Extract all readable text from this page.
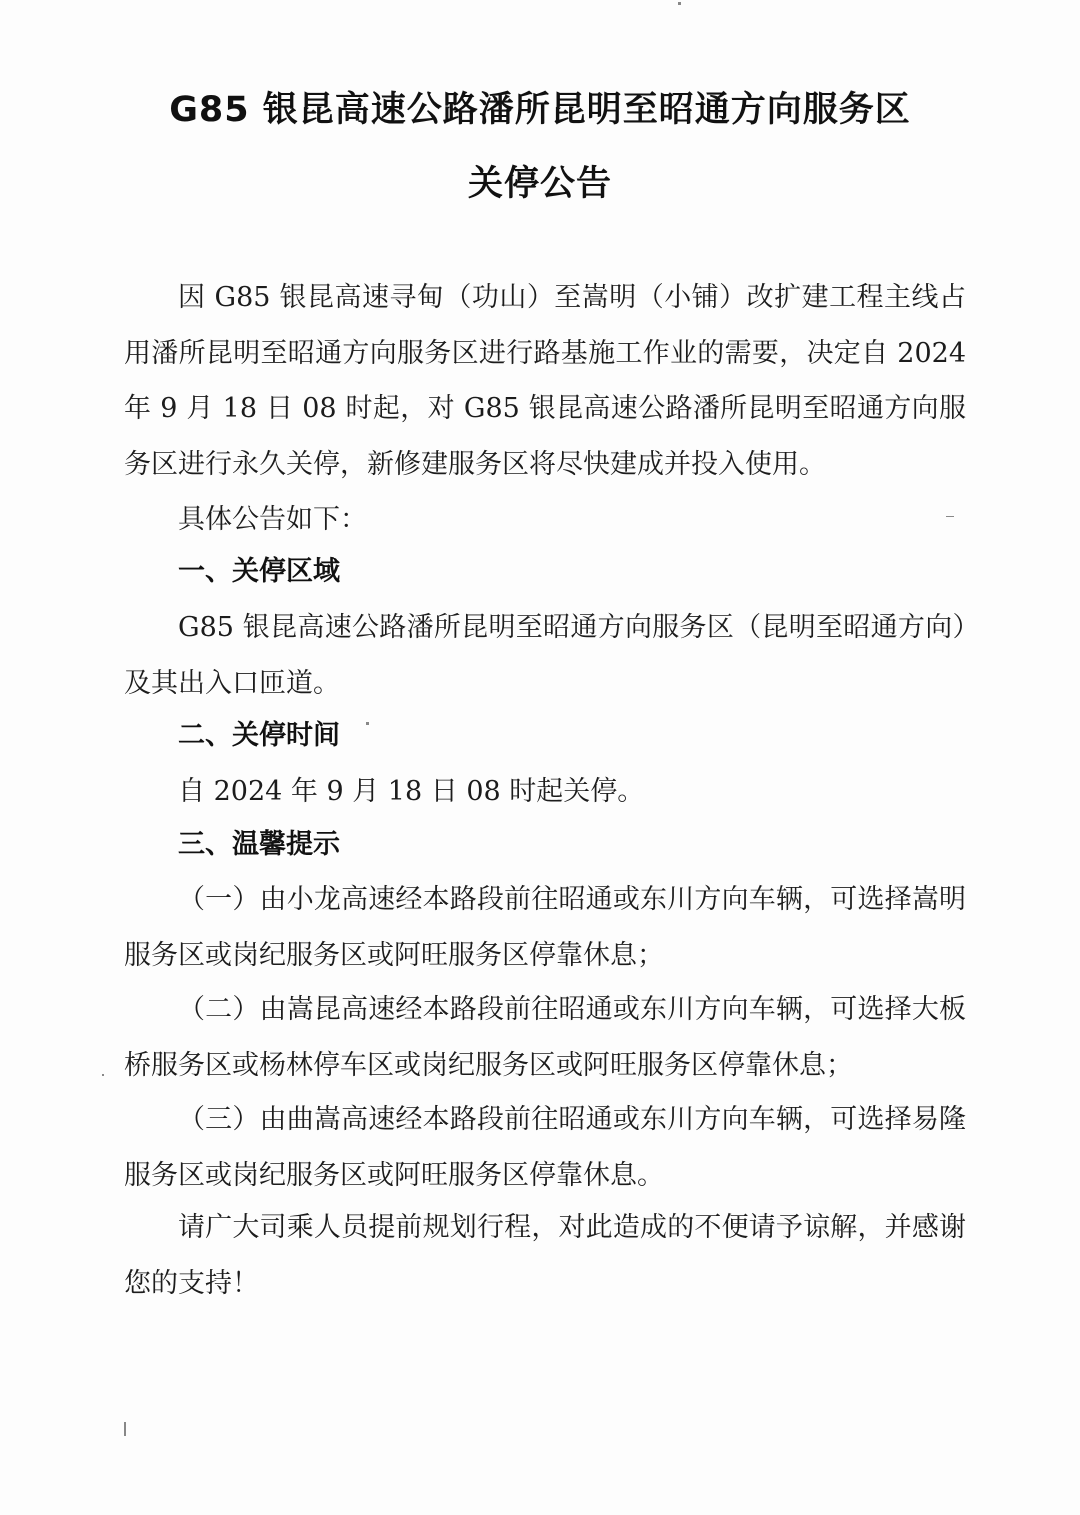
G85 银昆高速公路潘所昆明至昭通方向服务区
关停公告

因 G85 银昆高速寻甸（功山）至嵩明（小铺）改扩建工程主线占用潘所昆明至昭通方向服务区进行路基施工作业的需要，决定自 2024 年 9 月 18 日 08 时起，对 G85 银昆高速公路潘所昆明至昭通方向服务区进行永久关停，新修建服务区将尽快建成并投入使用。

具体公告如下：

一、关停区域

G85 银昆高速公路潘所昆明至昭通方向服务区（昆明至昭通方向）及其出入口匝道。

二、关停时间

自 2024 年 9 月 18 日 08 时起关停。

三、温馨提示

（一）由小龙高速经本路段前往昭通或东川方向车辆，可选择嵩明服务区或岗纪服务区或阿旺服务区停靠休息；

（二）由嵩昆高速经本路段前往昭通或东川方向车辆，可选择大板桥服务区或杨林停车区或岗纪服务区或阿旺服务区停靠休息；

（三）由曲嵩高速经本路段前往昭通或东川方向车辆，可选择易隆服务区或岗纪服务区或阿旺服务区停靠休息。

请广大司乘人员提前规划行程，对此造成的不便请予谅解，并感谢您的支持！
